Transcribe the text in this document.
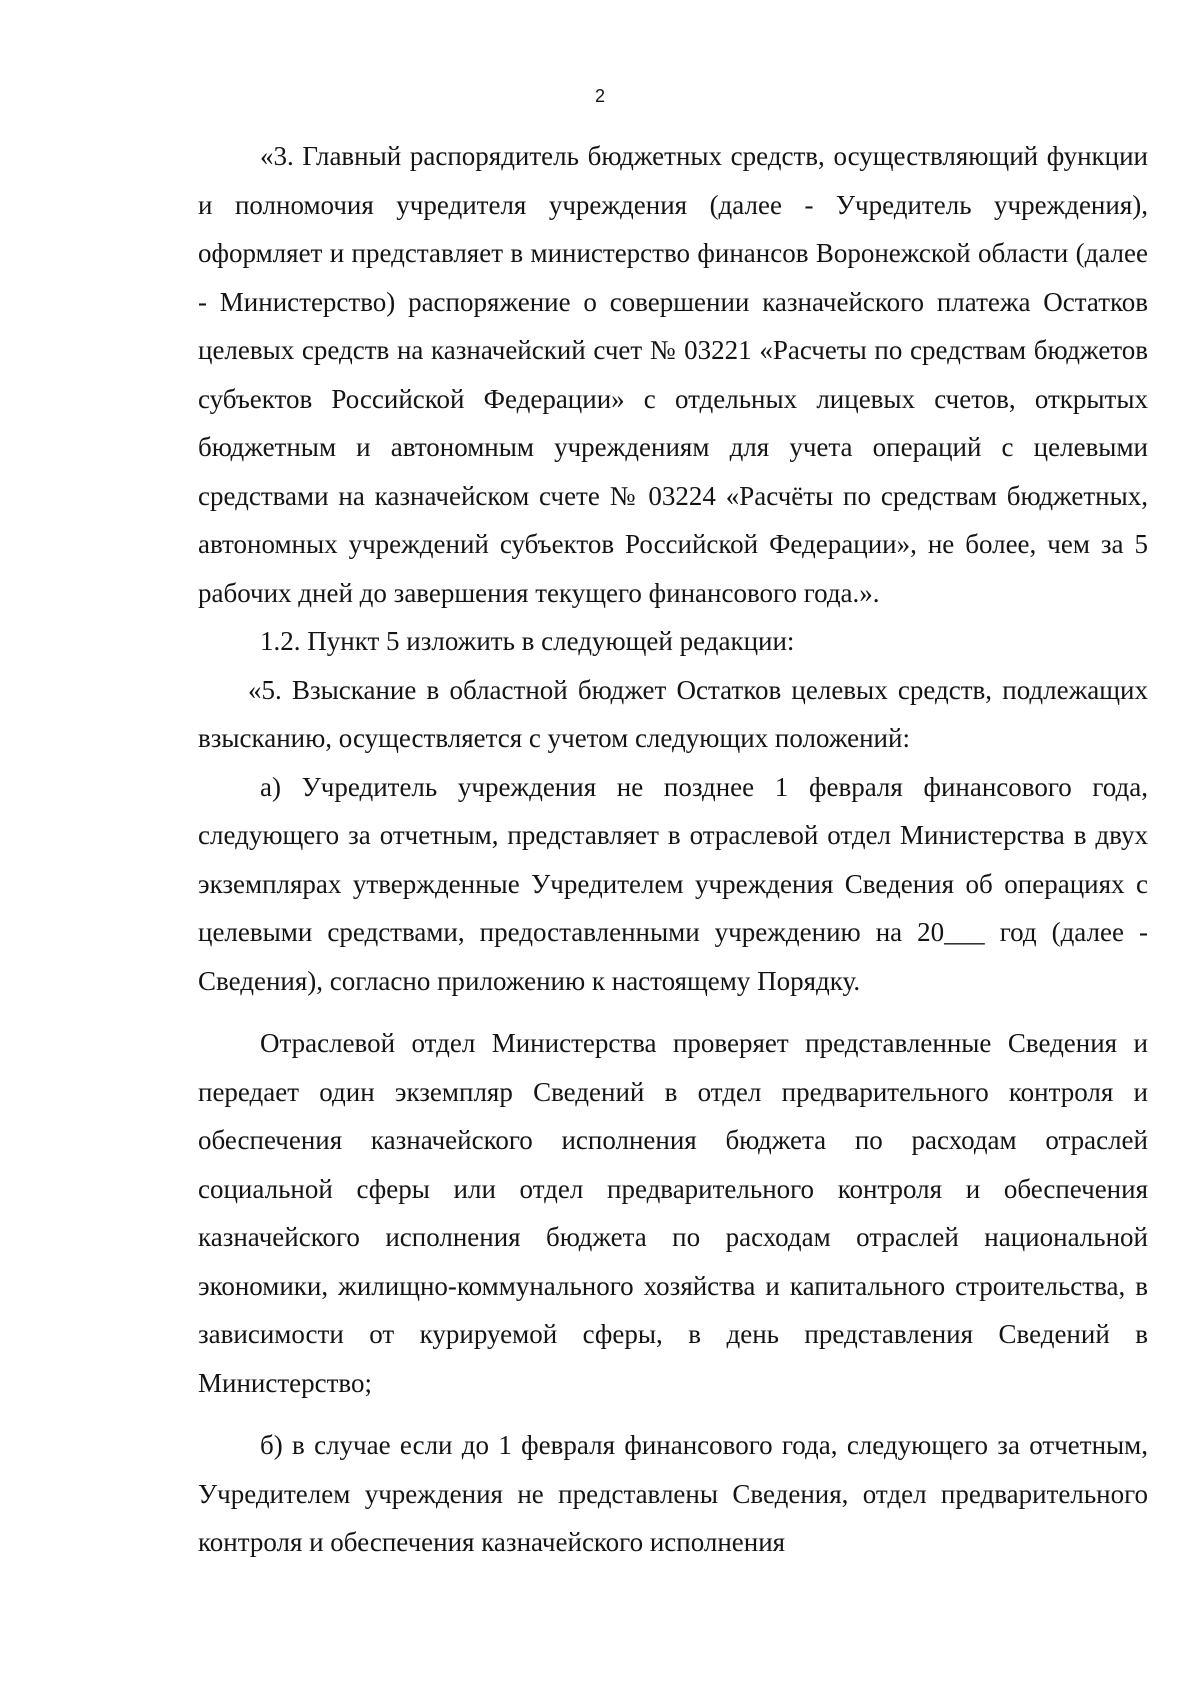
2

«3. Главный распорядитель бюджетных средств, осуществляющий функции и полномочия учредителя учреждения (далее - Учредитель учреждения), оформляет и представляет в министерство финансов Воронежской области (далее - Министерство) распоряжение о совершении казначейского платежа Остатков целевых средств на казначейский счет № 03221 «Расчеты по средствам бюджетов субъектов Российской Федерации» с отдельных лицевых счетов, открытых бюджетным и автономным учреждениям для учета операций с целевыми средствами на казначейском счете № 03224 «Расчёты по средствам бюджетных, автономных учреждений субъектов Российской Федерации», не более, чем за 5 рабочих дней до завершения текущего финансового года.».

1.2. Пункт 5 изложить в следующей редакции:

«5. Взыскание в областной бюджет Остатков целевых средств, подлежащих взысканию, осуществляется с учетом следующих положений:

а) Учредитель учреждения не позднее 1 февраля финансового года, следующего за отчетным, представляет в отраслевой отдел Министерства в двух экземплярах утвержденные Учредителем учреждения Сведения об операциях с целевыми средствами, предоставленными учреждению на 20___ год (далее - Сведения), согласно приложению к настоящему Порядку.

Отраслевой отдел Министерства проверяет представленные Сведения и передает один экземпляр Сведений в отдел предварительного контроля и обеспечения казначейского исполнения бюджета по расходам отраслей социальной сферы или отдел предварительного контроля и обеспечения казначейского исполнения бюджета по расходам отраслей национальной экономики, жилищно-коммунального хозяйства и капитального строительства, в зависимости от курируемой сферы, в день представления Сведений в Министерство;

б) в случае если до 1 февраля финансового года, следующего за отчетным, Учредителем учреждения не представлены Сведения, отдел предварительного контроля и обеспечения казначейского исполнения
